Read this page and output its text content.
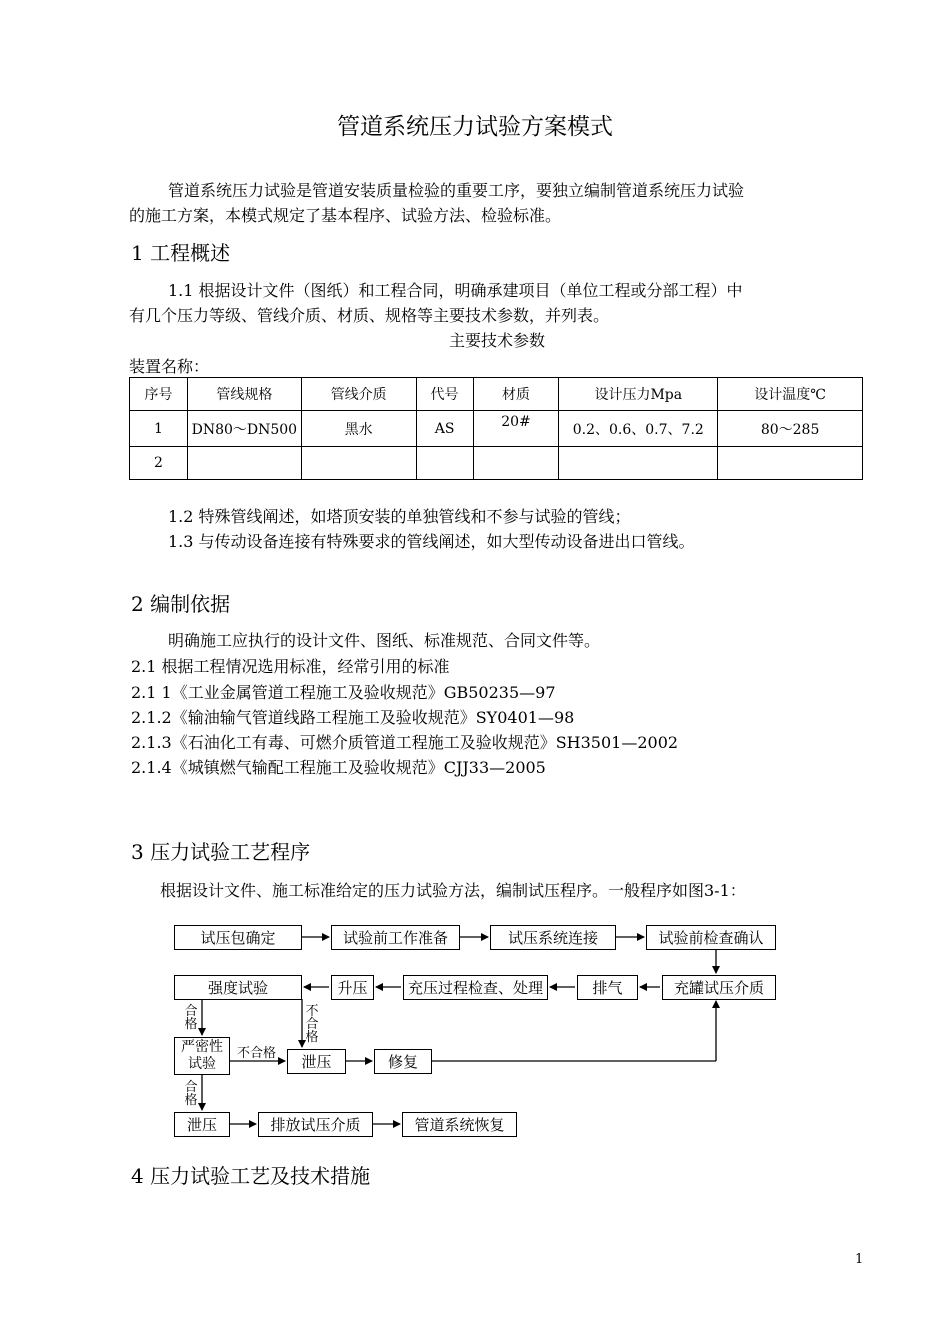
管道系统压力试验方案模式
管道系统压力试验是管道安装质量检验的重要工序，要独立编制管道系统压力试验
的施工方案，本模式规定了基本程序、试验方法、检验标准。
1 工程概述
1.1 根据设计文件（图纸）和工程合同，明确承建项目（单位工程或分部工程）中
有几个压力等级、管线介质、材质、规格等主要技术参数，并列表。
主要技术参数
装置名称：
序号	管线规格	管线介质	代号	材质	设计压力Mpa	设计温度℃
1	DN80～DN500	黑水	AS	20#	0.2、0.6、0.7、7.2	80～285
2						
1.2 特殊管线阐述，如塔顶安装的单独管线和不参与试验的管线；
1.3 与传动设备连接有特殊要求的管线阐述，如大型传动设备进出口管线。
2 编制依据
明确施工应执行的设计文件、图纸、标准规范、合同文件等。
2.1 根据工程情况选用标准，经常引用的标准
2.1 1《工业金属管道工程施工及验收规范》GB50235—97
2.1.2《输油输气管道线路工程施工及验收规范》SY0401—98
2.1.3《石油化工有毒、可燃介质管道工程施工及验收规范》SH3501—2002
2.1.4《城镇燃气输配工程施工及验收规范》CJJ33—2005
3 压力试验工艺程序
根据设计文件、施工标准给定的压力试验方法，编制试压程序。一般程序如图3-1：
试压包确定	试验前工作准备	试压系统连接	试验前检查确认
强度试验	升压	充压过程检查、处理	排气	充罐试压介质
严密性试验	泄压	修复
泄压	排放试压介质	管道系统恢复
合格
不合格
不合格
合格
4 压力试验工艺及技术措施
1
